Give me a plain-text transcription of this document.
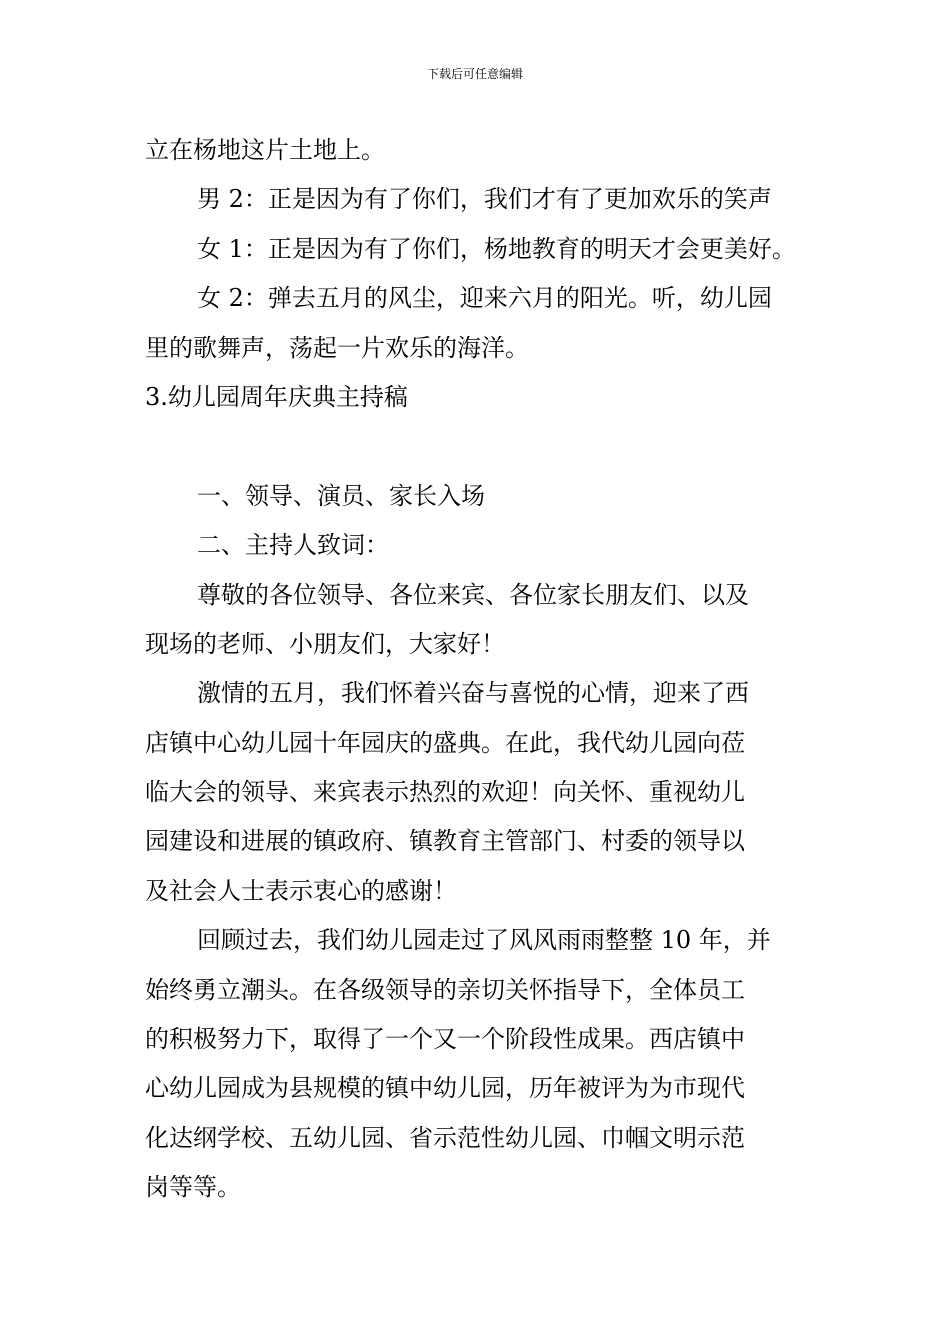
下载后可任意编辑
立在杨地这片土地上。
男 2：正是因为有了你们，我们才有了更加欢乐的笑声
女 1：正是因为有了你们，杨地教育的明天才会更美好。
女 2：弹去五月的风尘，迎来六月的阳光。听，幼儿园
里的歌舞声，荡起一片欢乐的海洋。
3.幼儿园周年庆典主持稿
一、领导、演员、家长入场
二、主持人致词：
尊敬的各位领导、各位来宾、各位家长朋友们、以及
现场的老师、小朋友们，大家好！
激情的五月，我们怀着兴奋与喜悦的心情，迎来了西
店镇中心幼儿园十年园庆的盛典。在此，我代幼儿园向莅
临大会的领导、来宾表示热烈的欢迎！向关怀、重视幼儿
园建设和进展的镇政府、镇教育主管部门、村委的领导以
及社会人士表示衷心的感谢！
回顾过去，我们幼儿园走过了风风雨雨整整 10 年，并
始终勇立潮头。在各级领导的亲切关怀指导下，全体员工
的积极努力下，取得了一个又一个阶段性成果。西店镇中
心幼儿园成为县规模的镇中幼儿园，历年被评为为市现代
化达纲学校、五幼儿园、省示范性幼儿园、巾帼文明示范
岗等等。
